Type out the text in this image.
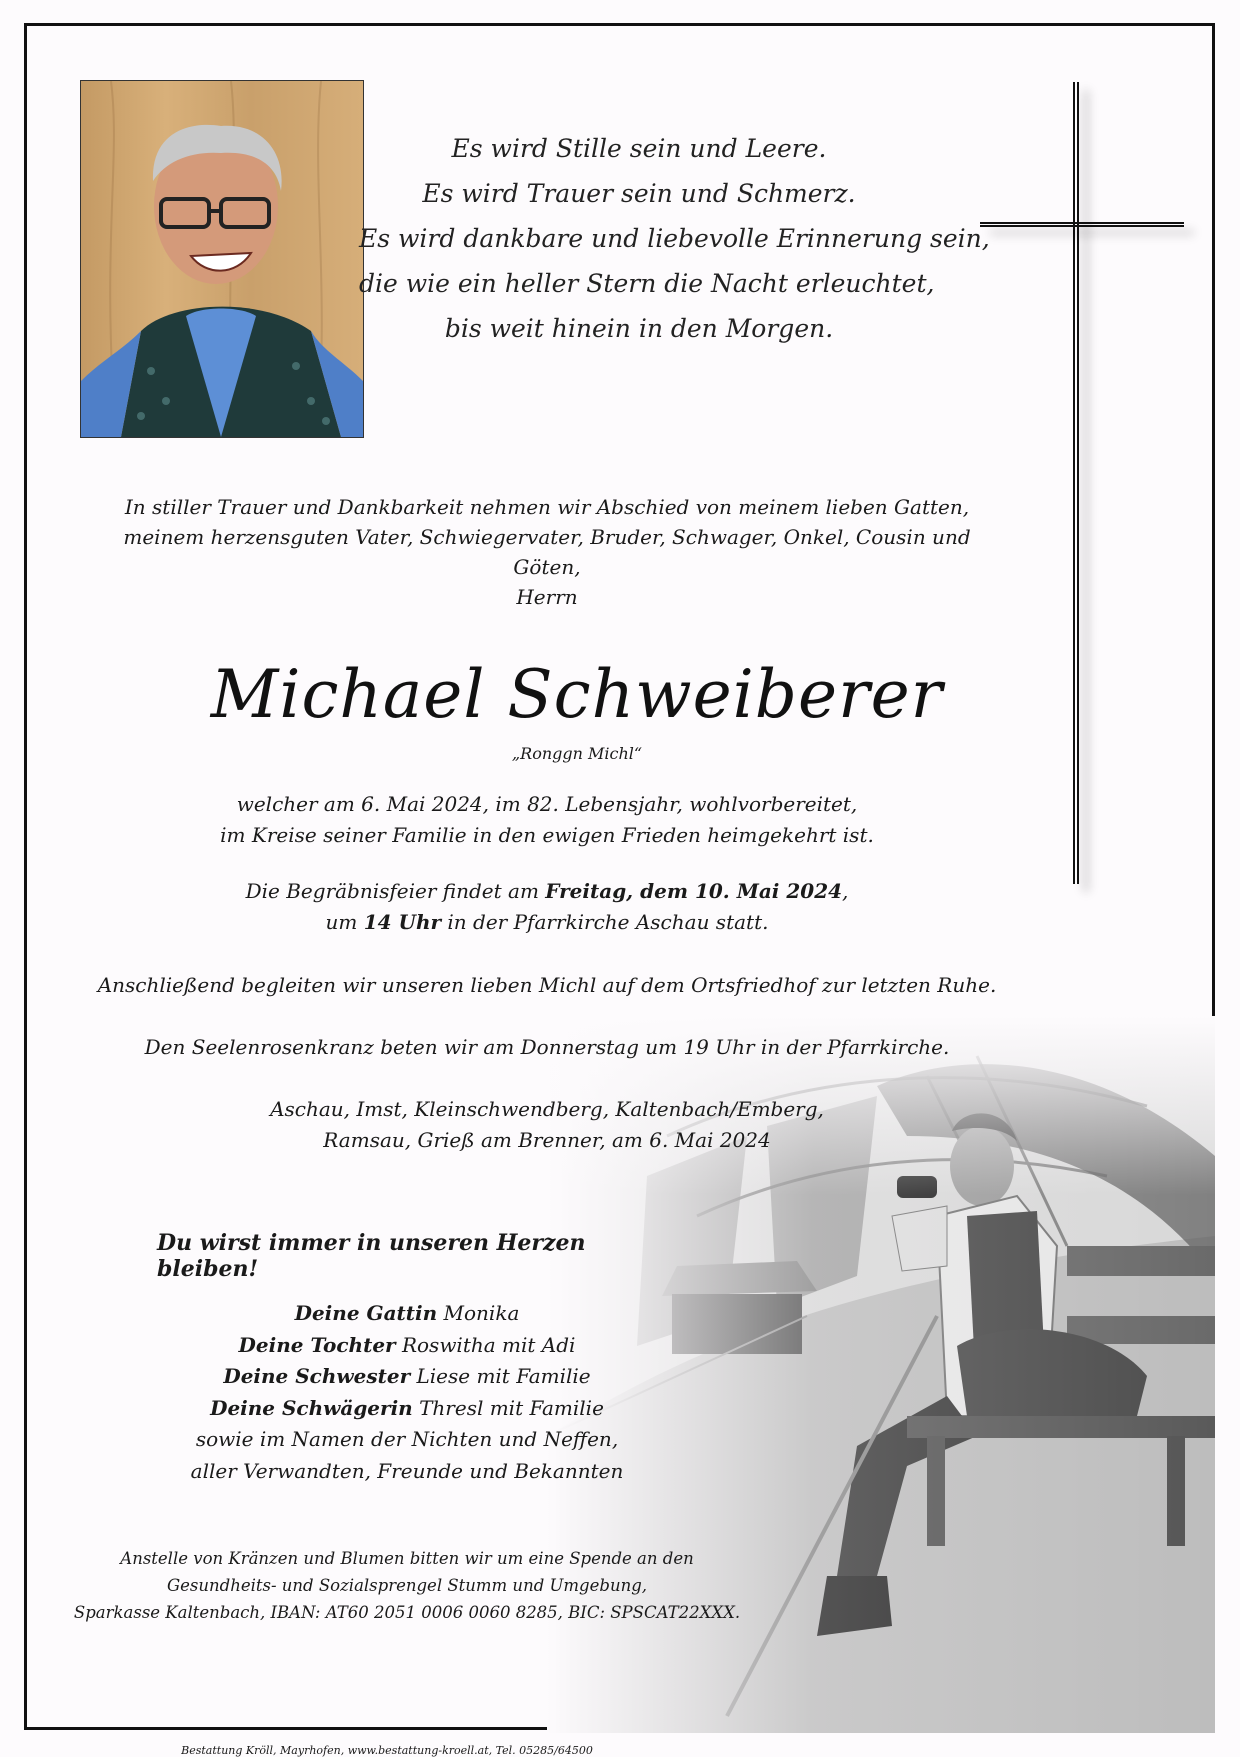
Es wird Stille sein und Leere.
Es wird Trauer sein und Schmerz.
Es wird dankbare und liebevolle Erinnerung sein,
die wie ein heller Stern die Nacht erleuchtet,
bis weit hinein in den Morgen.
In stiller Trauer und Dankbarkeit nehmen wir Abschied von meinem lieben Gatten,
meinem herzensguten Vater, Schwiegervater, Bruder, Schwager, Onkel, Cousin und Göten,
Herrn
Michael Schweiberer
„Ronggn Michl“
welcher am 6. Mai 2024, im 82. Lebensjahr, wohlvorbereitet,
im Kreise seiner Familie in den ewigen Frieden heimgekehrt ist.
Die Begräbnisfeier findet am Freitag, dem 10. Mai 2024,
um 14 Uhr in der Pfarrkirche Aschau statt.
Anschließend begleiten wir unseren lieben Michl auf dem Ortsfriedhof zur letzten Ruhe.
Den Seelenrosenkranz beten wir am Donnerstag um 19 Uhr in der Pfarrkirche.
Aschau, Imst, Kleinschwendberg, Kaltenbach/Emberg,
Ramsau, Grieß am Brenner, am 6. Mai 2024
Du wirst immer in unseren Herzen bleiben!
Deine Gattin Monika
Deine Tochter Roswitha mit Adi
Deine Schwester Liese mit Familie
Deine Schwägerin Thresl mit Familie
sowie im Namen der Nichten und Neffen,
aller Verwandten, Freunde und Bekannten
Anstelle von Kränzen und Blumen bitten wir um eine Spende an den
Gesundheits- und Sozialsprengel Stumm und Umgebung,
Sparkasse Kaltenbach, IBAN: AT60 2051 0006 0060 8285, BIC: SPSCAT22XXX.
Bestattung Kröll, Mayrhofen, www.bestattung-kroell.at, Tel. 05285/64500
